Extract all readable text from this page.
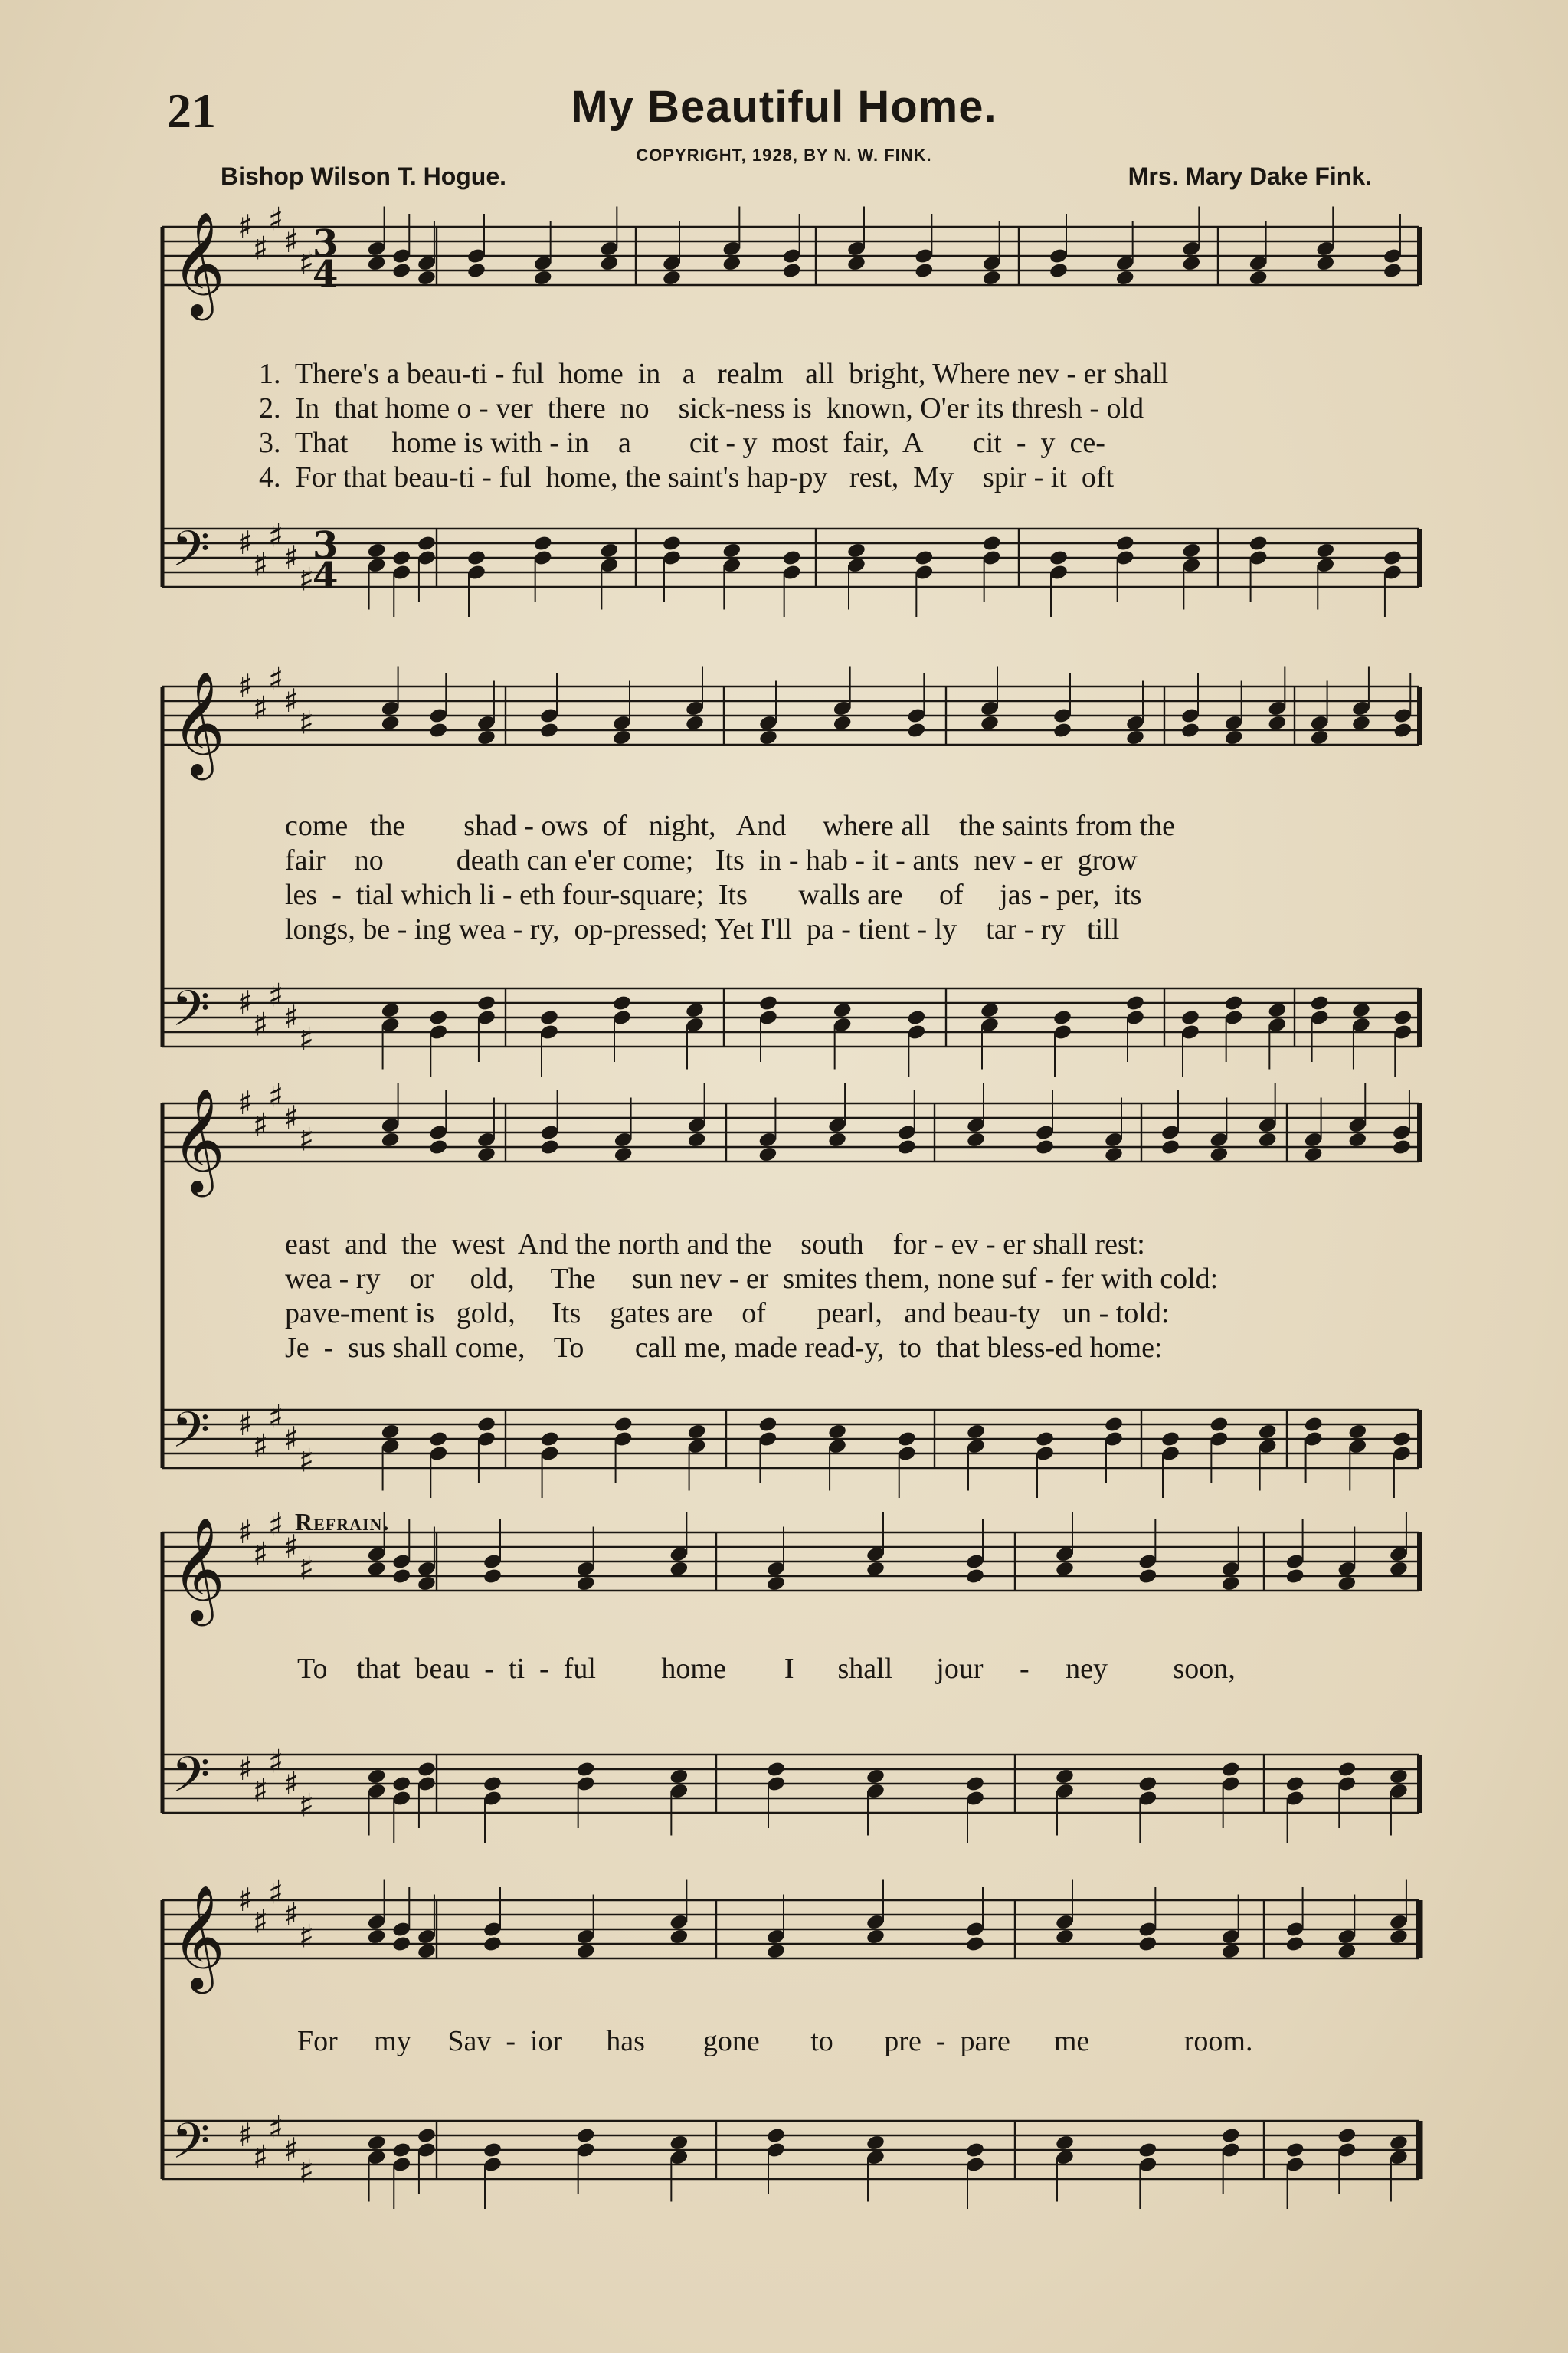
21	My Beautiful Home.
COPYRIGHT, 1928, BY N. W. FINK.
Bishop Wilson T. Hogue.	Mrs. Mary Dake Fink.
𝄞 ♯
♯
♯
♯
♯
3
4
𝄢 ♯
♯
♯
♯
♯
3
4
𝄞 ♯
♯
♯
♯
♯
𝄢 ♯
♯
♯
♯
♯
𝄞 ♯
♯
♯
♯
♯
𝄢 ♯
♯
♯
♯
♯
𝄞 ♯
♯
♯
♯
♯
𝄢 ♯
♯
♯
♯
♯
𝄞 ♯
♯
♯
♯
♯
𝄢 ♯
♯
♯
♯
♯
1.  There's a beau-ti - ful  home  in   a   realm   all  bright, Where nev - er shall
2.  In  that home o - ver  there  no    sick-ness is  known, O'er its thresh - old
3.  That      home is with - in    a        cit - y  most  fair,  A       cit  -  y  ce-
4.  For that beau-ti - ful  home, the saint's hap-py   rest,  My    spir - it  oft
come   the        shad - ows  of   night,   And     where all    the saints from the
fair    no          death can e'er come;   Its  in - hab - it - ants  nev - er  grow
les  -  tial which li - eth four-square;  Its       walls are     of     jas - per,  its
longs, be - ing wea - ry,  op-pressed; Yet I'll  pa - tient - ly    tar - ry   till
east  and  the  west  And the north and the    south    for - ev - er shall rest:
wea - ry    or     old,     The     sun nev - er  smites them, none suf - fer with cold:
pave-ment is   gold,     Its    gates are    of       pearl,   and beau-ty   un - told:
Je  -  sus shall come,    To       call me, made read-y,  to  that bless-ed home:
Refrain.
To    that  beau  -  ti  -  ful         home        I      shall      jour     -     ney         soon,
For     my     Sav  -  ior      has        gone       to       pre  -  pare      me             room.
